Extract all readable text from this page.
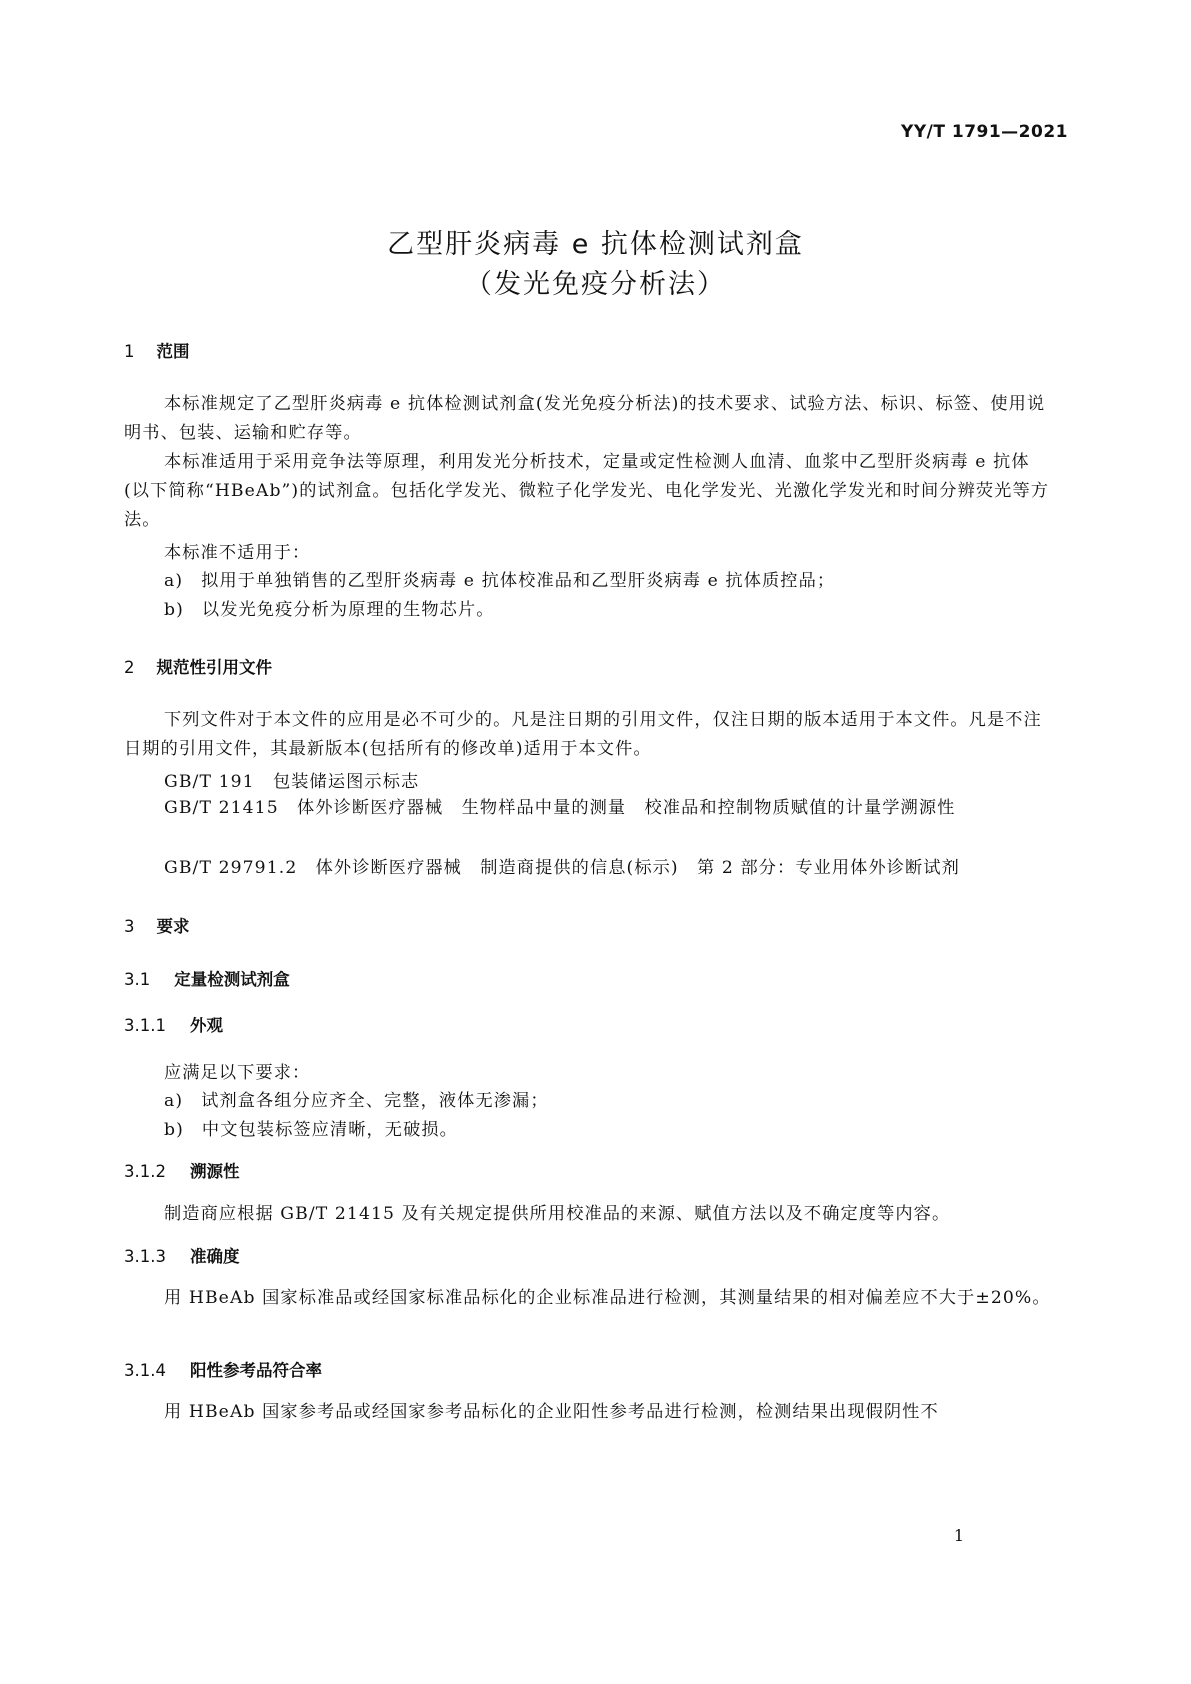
YY/T 1791—2021
乙型肝炎病毒 e 抗体检测试剂盒
（发光免疫分析法）
1 范围
本标准规定了乙型肝炎病毒 e 抗体检测试剂盒(发光免疫分析法)的技术要求、试验方法、标识、标签、使用说明书、包装、运输和贮存等。
本标准适用于采用竞争法等原理，利用发光分析技术，定量或定性检测人血清、血浆中乙型肝炎病毒 e 抗体(以下简称“HBeAb”)的试剂盒。包括化学发光、微粒子化学发光、电化学发光、光激化学发光和时间分辨荧光等方法。
本标准不适用于：
a) 拟用于单独销售的乙型肝炎病毒 e 抗体校准品和乙型肝炎病毒 e 抗体质控品；
b) 以发光免疫分析为原理的生物芯片。
2 规范性引用文件
下列文件对于本文件的应用是必不可少的。凡是注日期的引用文件，仅注日期的版本适用于本文件。凡是不注日期的引用文件，其最新版本(包括所有的修改单)适用于本文件。
GB/T 191　包装储运图示标志
GB/T 21415　体外诊断医疗器械　生物样品中量的测量　校准品和控制物质赋值的计量学溯源性
GB/T 29791.2　体外诊断医疗器械　制造商提供的信息(标示)　第 2 部分：专业用体外诊断试剂
3 要求
3.1 定量检测试剂盒
3.1.1 外观
应满足以下要求：
a) 试剂盒各组分应齐全、完整，液体无渗漏；
b) 中文包装标签应清晰，无破损。
3.1.2 溯源性
制造商应根据 GB/T 21415 及有关规定提供所用校准品的来源、赋值方法以及不确定度等内容。
3.1.3 准确度
用 HBeAb 国家标准品或经国家标准品标化的企业标准品进行检测，其测量结果的相对偏差应不大于±20%。
3.1.4 阳性参考品符合率
用 HBeAb 国家参考品或经国家参考品标化的企业阳性参考品进行检测，检测结果出现假阴性不
1
